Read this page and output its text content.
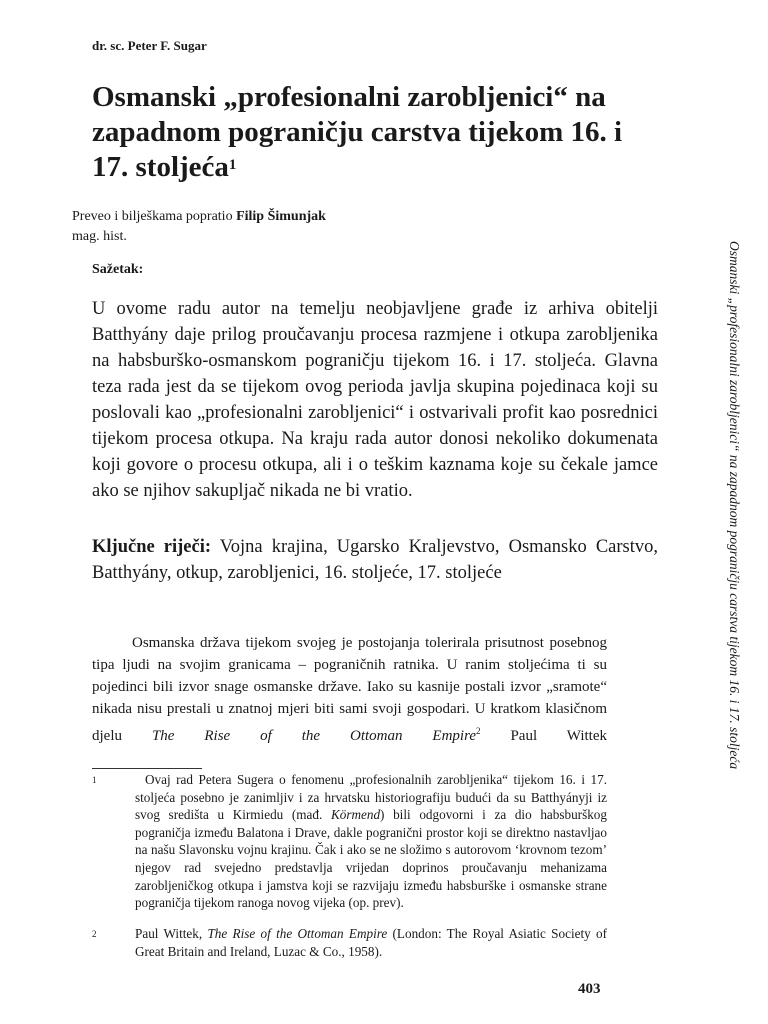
dr. sc. Peter F. Sugar
Osmanski „profesionalni zarobljenici“ na zapadnom pograničju carstva tijekom 16. i 17. stoljeća$^1$
Preveo i bilješkama popratio Filip Šimunjak
mag. hist.
Sažetak:
U ovome radu autor na temelju neobjavljene građe iz arhiva obitelji Batthyány daje prilog proučavanju procesa razmjene i otkupa zarobljenika na habsburško-osmanskom pograničju tijekom 16. i 17. stoljeća. Glavna teza rada jest da se tijekom ovog perioda javlja skupina pojedinaca koji su poslovali kao „profesionalni zarobljenici“ i ostvarivali profit kao posrednici tijekom procesa otkupa. Na kraju rada autor donosi nekoliko dokumenata koji govore o procesu otkupa, ali i o teškim kaznama koje su čekale jamce ako se njihov sakupljač nikada ne bi vratio.
Ključne riječi: Vojna krajina, Ugarsko Kraljevstvo, Osmansko Carstvo, Batthyány, otkup, zarobljenici, 16. stoljeće, 17. stoljeće
Osmanska država tijekom svojeg je postojanja tolerirala prisutnost posebnog tipa ljudi na svojim granicama – pograničnih ratnika. U ranim stoljećima ti su pojedinci bili izvor snage osmanske države. Iako su kasnije postali izvor „sramote“ nikada nisu prestali u znatnoj mjeri biti sami svoji gospodari. U kratkom klasičnom djelu The Rise of the Ottoman Empire$^2$ Paul Wittek
1	Ovaj rad Petera Sugera o fenomenu „profesionalnih zarobljenika“ tijekom 16. i 17. stoljeća posebno je zanimljiv i za hrvatsku historiografiju budući da su Batthyányji iz svog središta u Kirmiedu (mađ. Körmend) bili odgovorni i za dio habsburškog pograničja između Balatona i Drave, dakle pogranični prostor koji se direktno nastavljao na našu Slavonsku vojnu krajinu. Čak i ako se ne složimo s autorovom ‘krovnom tezom’ njegov rad svejedno predstavlja vrijedan doprinos proučavanju mehanizama zarobljeničkog otkupa i jamstva koji se razvijaju između habsburške i osmanske strane pograničja tijekom ranoga novog vijeka (op. prev).
2	Paul Wittek, The Rise of the Ottoman Empire (London: The Royal Asiatic Society of Great Britain and Ireland, Luzac & Co., 1958).
403
Osmanski „profesionalni zarobljenici“ na zapadnom pograničju carstva tijekom 16. i 17. stoljeća
